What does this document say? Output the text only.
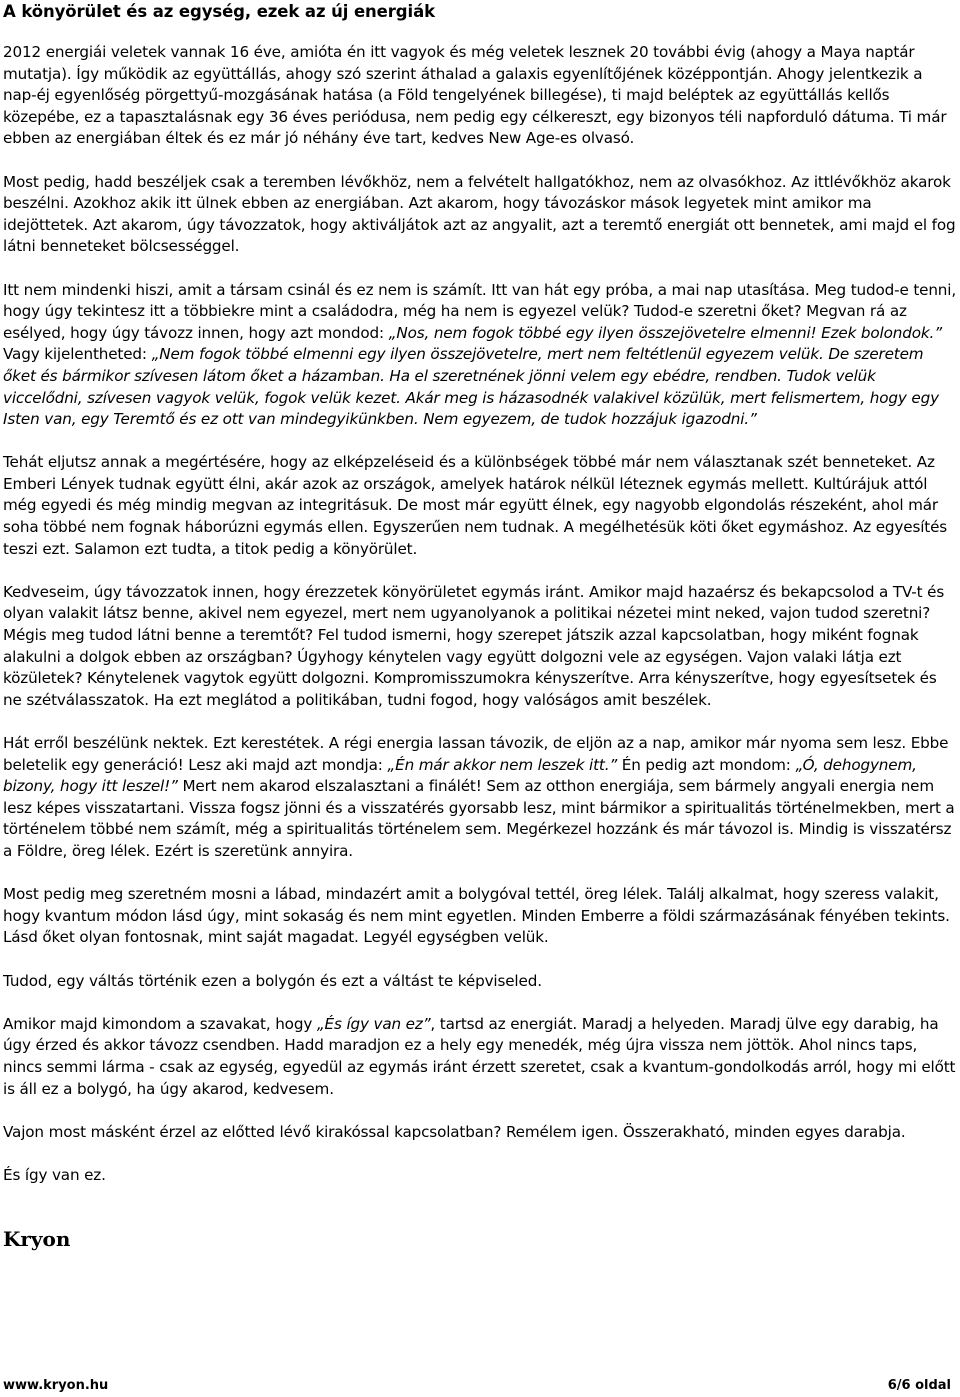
A könyörület és az egység, ezek az új energiák

2012 energiái veletek vannak 16 éve, amióta én itt vagyok és még veletek lesznek 20 további évig (ahogy a Maya naptár mutatja). Így működik az együttállás, ahogy szó szerint áthalad a galaxis egyenlítőjének középpontján. Ahogy jelentkezik a nap-éj egyenlőség pörgettyű-mozgásának hatása (a Föld tengelyének billegése), ti majd beléptek az együttállás kellős közepébe, ez a tapasztalásnak egy 36 éves periódusa, nem pedig egy célkereszt, egy bizonyos téli napforduló dátuma. Ti már ebben az energiában éltek és ez már jó néhány éve tart, kedves New Age-es olvasó.

Most pedig, hadd beszéljek csak a teremben lévőkhöz, nem a felvételt hallgatókhoz, nem az olvasókhoz. Az ittlévőkhöz akarok beszélni. Azokhoz akik itt ülnek ebben az energiában. Azt akarom, hogy távozáskor mások legyetek mint amikor ma idejöttetek. Azt akarom, úgy távozzatok, hogy aktiváljátok azt az angyalit, azt a teremtő energiát ott bennetek, ami majd el fog látni benneteket bölcsességgel.

Itt nem mindenki hiszi, amit a társam csinál és ez nem is számít. Itt van hát egy próba, a mai nap utasítása. Meg tudod-e tenni, hogy úgy tekintesz itt a többiekre mint a családodra, még ha nem is egyezel velük? Tudod-e szeretni őket? Megvan rá az esélyed, hogy úgy távozz innen, hogy azt mondod: „Nos, nem fogok többé egy ilyen összejövetelre elmenni! Ezek bolondok.” Vagy kijelentheted: „Nem fogok többé elmenni egy ilyen összejövetelre, mert nem feltétlenül egyezem velük. De szeretem őket és bármikor szívesen látom őket a házamban. Ha el szeretnének jönni velem egy ebédre, rendben. Tudok velük viccelődni, szívesen vagyok velük, fogok velük kezet. Akár meg is házasodnék valakivel közülük, mert felismertem, hogy egy Isten van, egy Teremtő és ez ott van mindegyikünkben. Nem egyezem, de tudok hozzájuk igazodni.”

Tehát eljutsz annak a megértésére, hogy az elképzeléseid és a különbségek többé már nem választanak szét benneteket. Az Emberi Lények tudnak együtt élni, akár azok az országok, amelyek határok nélkül léteznek egymás mellett. Kultúrájuk attól még egyedi és még mindig megvan az integritásuk. De most már együtt élnek, egy nagyobb elgondolás részeként, ahol már soha többé nem fognak háborúzni egymás ellen. Egyszerűen nem tudnak. A megélhetésük köti őket egymáshoz. Az egyesítés teszi ezt. Salamon ezt tudta, a titok pedig a könyörület.

Kedveseim, úgy távozzatok innen, hogy érezzetek könyörületet egymás iránt. Amikor majd hazaérsz és bekapcsolod a TV-t és olyan valakit látsz benne, akivel nem egyezel, mert nem ugyanolyanok a politikai nézetei mint neked, vajon tudod szeretni? Mégis meg tudod látni benne a teremtőt? Fel tudod ismerni, hogy szerepet játszik azzal kapcsolatban, hogy miként fognak alakulni a dolgok ebben az országban? Úgyhogy kénytelen vagy együtt dolgozni vele az egységen. Vajon valaki látja ezt közületek? Kénytelenek vagytok együtt dolgozni. Kompromisszumokra kényszerítve. Arra kényszerítve, hogy egyesítsetek és ne szétválasszatok. Ha ezt meglátod a politikában, tudni fogod, hogy valóságos amit beszélek.

Hát erről beszélünk nektek. Ezt kerestétek. A régi energia lassan távozik, de eljön az a nap, amikor már nyoma sem lesz. Ebbe beletelik egy generáció! Lesz aki majd azt mondja: „Én már akkor nem leszek itt.” Én pedig azt mondom: „Ó, dehogynem, bizony, hogy itt leszel!” Mert nem akarod elszalasztani a finálét! Sem az otthon energiája, sem bármely angyali energia nem lesz képes visszatartani. Vissza fogsz jönni és a visszatérés gyorsabb lesz, mint bármikor a spiritualitás történelmekben, mert a történelem többé nem számít, még a spiritualitás történelem sem. Megérkezel hozzánk és már távozol is. Mindig is visszatérsz a Földre, öreg lélek. Ezért is szeretünk annyira.

Most pedig meg szeretném mosni a lábad, mindazért amit a bolygóval tettél, öreg lélek. Találj alkalmat, hogy szeress valakit, hogy kvantum módon lásd úgy, mint sokaság és nem mint egyetlen. Minden Emberre a földi származásának fényében tekints. Lásd őket olyan fontosnak, mint saját magadat. Legyél egységben velük.

Tudod, egy váltás történik ezen a bolygón és ezt a váltást te képviseled.

Amikor majd kimondom a szavakat, hogy „És így van ez”, tartsd az energiát. Maradj a helyeden. Maradj ülve egy darabig, ha úgy érzed és akkor távozz csendben. Hadd maradjon ez a hely egy menedék, még újra vissza nem jöttök. Ahol nincs taps, nincs semmi lárma - csak az egység, egyedül az egymás iránt érzett szeretet, csak a kvantum-gondolkodás arról, hogy mi előtt is áll ez a bolygó, ha úgy akarod, kedvesem.

Vajon most másként érzel az előtted lévő kirakóssal kapcsolatban? Remélem igen. Összerakható, minden egyes darabja.

És így van ez.

Kryon
www.kryon.hu	6/6 oldal
